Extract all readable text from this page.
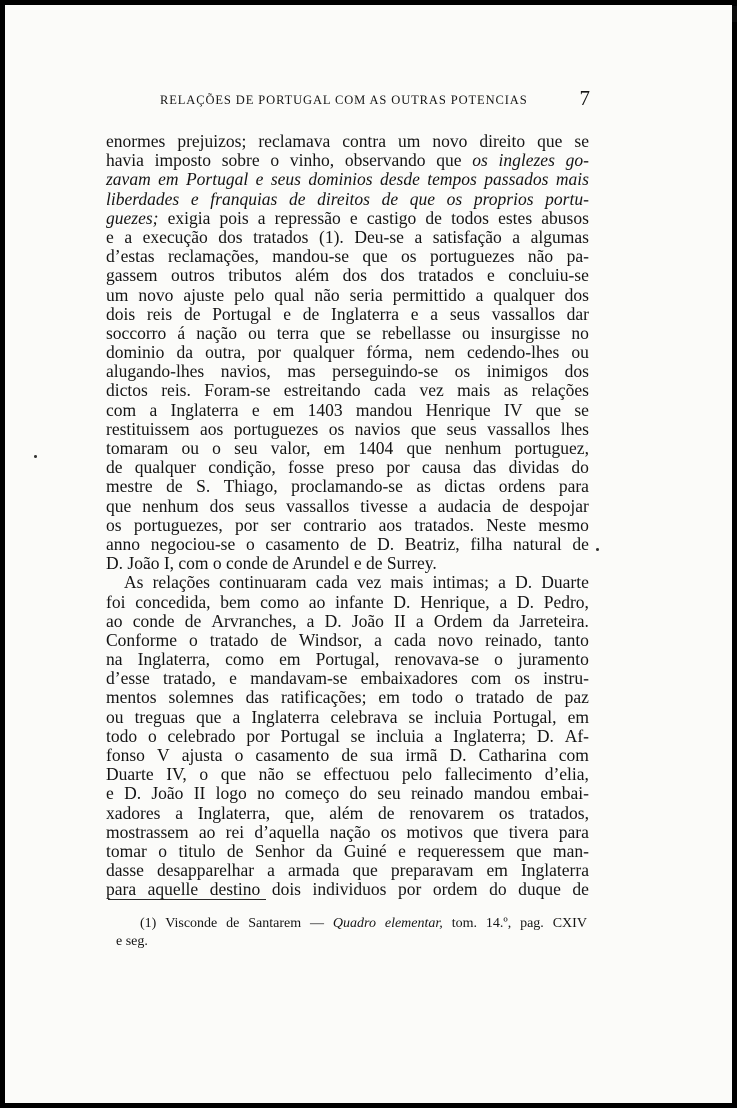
RELAÇÕES DE PORTUGAL COM AS OUTRAS POTENCIAS 7
enormes prejuizos; reclamava contra um novo direito que se
havia imposto sobre o vinho, observando que os inglezes go-
zavam em Portugal e seus dominios desde tempos passados mais
liberdades e franquias de direitos de que os proprios portu-
guezes; exigia pois a repressão e castigo de todos estes abusos
e a execução dos tratados (1). Deu-se a satisfação a algumas
d’estas reclamações, mandou-se que os portuguezes não pa-
gassem outros tributos além dos dos tratados e concluiu-se
um novo ajuste pelo qual não seria permittido a qualquer dos
dois reis de Portugal e de Inglaterra e a seus vassallos dar
soccorro á nação ou terra que se rebellasse ou insurgisse no
dominio da outra, por qualquer fórma, nem cedendo-lhes ou
alugando-lhes navios, mas perseguindo-se os inimigos dos
dictos reis. Foram-se estreitando cada vez mais as relações
com a Inglaterra e em 1403 mandou Henrique IV que se
restituissem aos portuguezes os navios que seus vassallos lhes
tomaram ou o seu valor, em 1404 que nenhum portuguez,
de qualquer condição, fosse preso por causa das dividas do
mestre de S. Thiago, proclamando-se as dictas ordens para
que nenhum dos seus vassallos tivesse a audacia de despojar
os portuguezes, por ser contrario aos tratados. Neste mesmo
anno negociou-se o casamento de D. Beatriz, filha natural de
D. João I, com o conde de Arundel e de Surrey.
As relações continuaram cada vez mais intimas; a D. Duarte
foi concedida, bem como ao infante D. Henrique, a D. Pedro,
ao conde de Arvranches, a D. João II a Ordem da Jarreteira.
Conforme o tratado de Windsor, a cada novo reinado, tanto
na Inglaterra, como em Portugal, renovava-se o juramento
d’esse tratado, e mandavam-se embaixadores com os instru-
mentos solemnes das ratificações; em todo o tratado de paz
ou treguas que a Inglaterra celebrava se incluia Portugal, em
todo o celebrado por Portugal se incluia a Inglaterra; D. Af-
fonso V ajusta o casamento de sua irmã D. Catharina com
Duarte IV, o que não se effectuou pelo fallecimento d’elia,
e D. João II logo no começo do seu reinado mandou embai-
xadores a Inglaterra, que, além de renovarem os tratados,
mostrassem ao rei d’aquella nação os motivos que tivera para
tomar o titulo de Senhor da Guiné e requeressem que man-
dasse desapparelhar a armada que preparavam em Inglaterra
para aquelle destino dois individuos por ordem do duque de
(1) Visconde de Santarem — Quadro elementar, tom. 14.º, pag. CXIV
e seg.
